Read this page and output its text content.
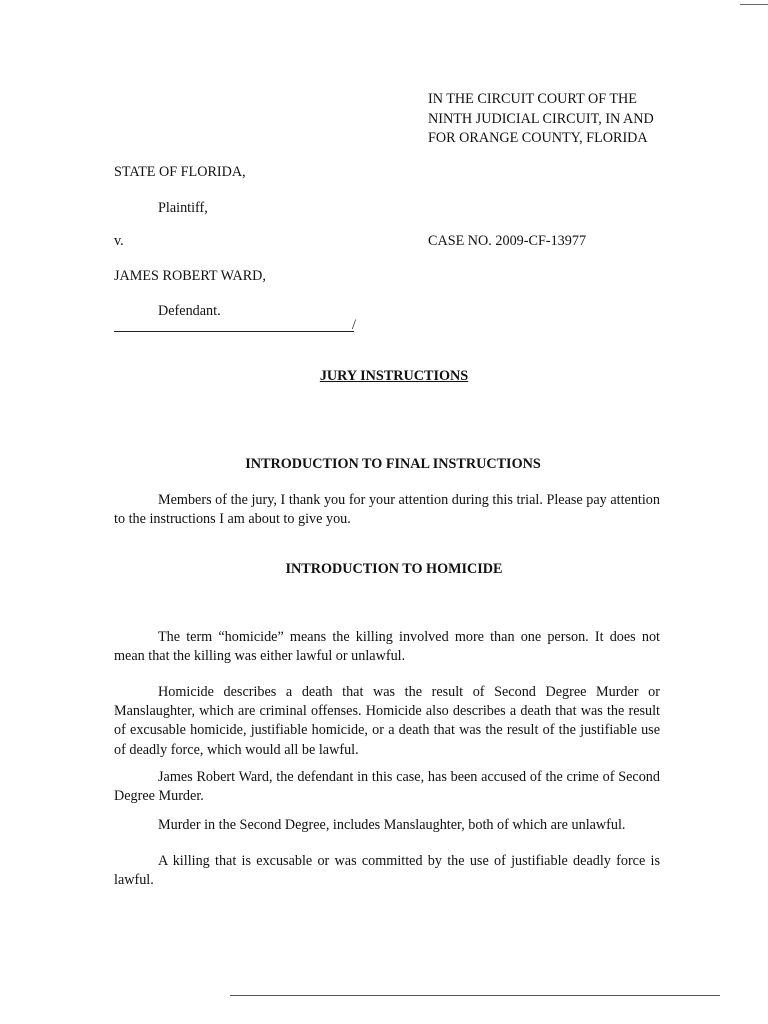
IN THE CIRCUIT COURT OF THE
NINTH JUDICIAL CIRCUIT, IN AND
FOR ORANGE COUNTY, FLORIDA
STATE OF FLORIDA,
Plaintiff,
v.	CASE NO. 2009-CF-13977
JAMES ROBERT WARD,
Defendant.
/
JURY INSTRUCTIONS
INTRODUCTION TO FINAL INSTRUCTIONS
Members of the jury, I thank you for your attention during this trial. Please pay attention to the instructions I am about to give you.
INTRODUCTION TO HOMICIDE
The term “homicide” means the killing involved more than one person. It does not mean that the killing was either lawful or unlawful.
Homicide describes a death that was the result of Second Degree Murder or Manslaughter, which are criminal offenses. Homicide also describes a death that was the result of excusable homicide, justifiable homicide, or a death that was the result of the justifiable use of deadly force, which would all be lawful.
James Robert Ward, the defendant in this case, has been accused of the crime of Second Degree Murder.
Murder in the Second Degree, includes Manslaughter, both of which are unlawful.
A killing that is excusable or was committed by the use of justifiable deadly force is lawful.
